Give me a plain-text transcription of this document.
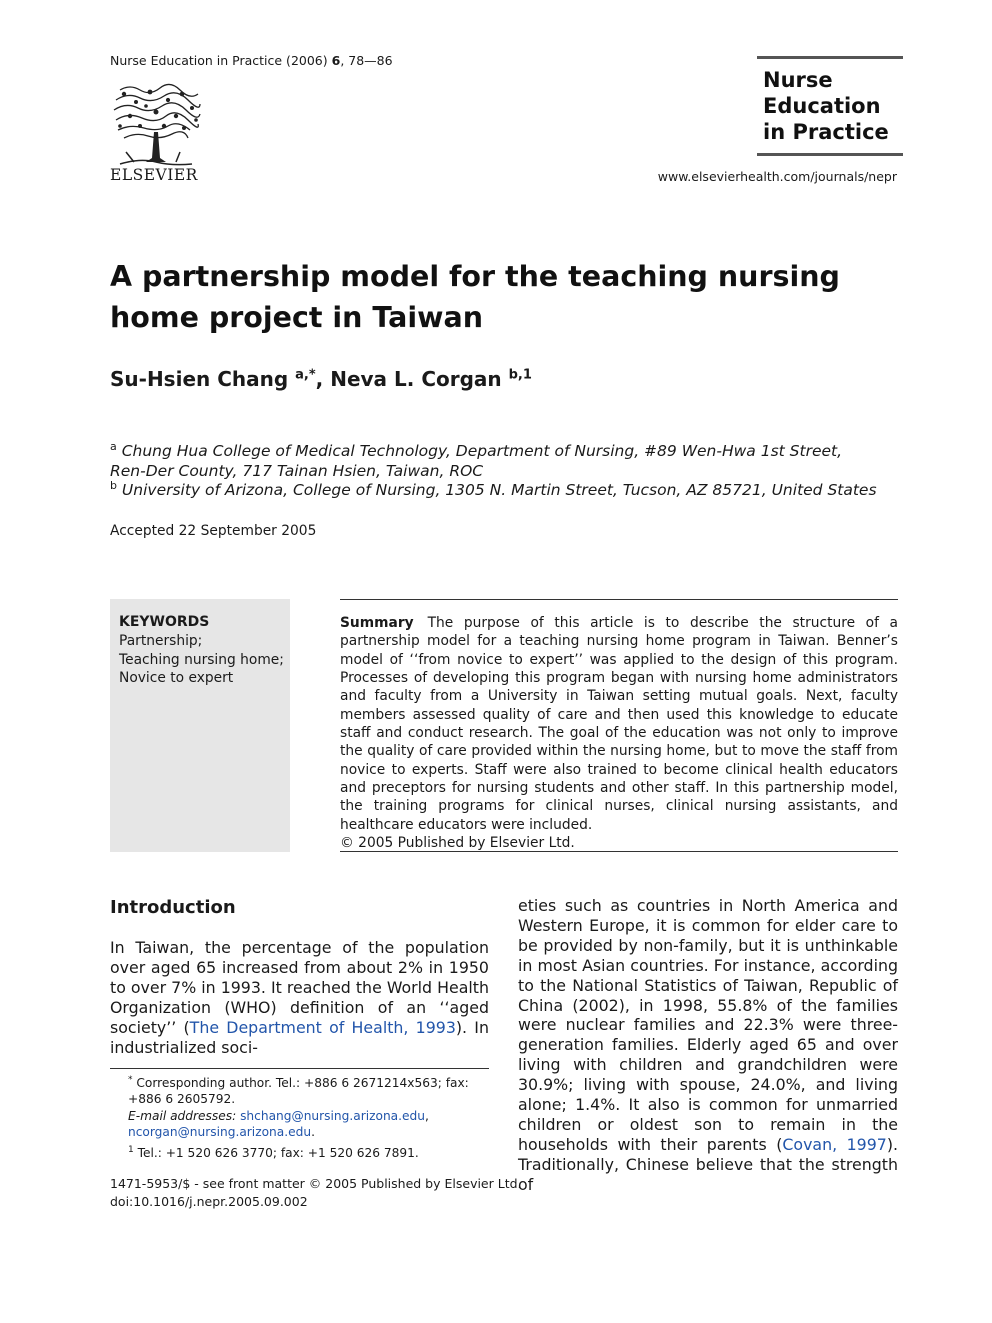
Nurse Education in Practice (2006) 6, 78—86
ELSEVIER
Nurse
Education
in Practice
www.elsevierhealth.com/journals/nepr
A partnership model for the teaching nursing home project in Taiwan
Su-Hsien Chang $^{a,*}$, Neva L. Corgan $^{b,1}$
$^a$ Chung Hua College of Medical Technology, Department of Nursing, #89 Wen-Hwa 1st Street,
Ren-Der County, 717 Tainan Hsien, Taiwan, ROC
$^b$ University of Arizona, College of Nursing, 1305 N. Martin Street, Tucson, AZ 85721, United States
Accepted 22 September 2005
KEYWORDS
Partnership;
Teaching nursing home;
Novice to expert
Summary The purpose of this article is to describe the structure of a partnership model for a teaching nursing home program in Taiwan. Benner’s model of ‘‘from novice to expert’’ was applied to the design of this program. Processes of developing this program began with nursing home administrators and faculty from a University in Taiwan setting mutual goals. Next, faculty members assessed quality of care and then used this knowledge to educate staff and conduct research. The goal of the education was not only to improve the quality of care provided within the nursing home, but to move the staff from novice to experts. Staff were also trained to become clinical health educators and preceptors for nursing students and other staff. In this partnership model, the training programs for clinical nurses, clinical nursing assistants, and healthcare educators were included.
© 2005 Published by Elsevier Ltd.
Introduction
In Taiwan, the percentage of the population over aged 65 increased from about 2% in 1950 to over 7% in 1993. It reached the World Health Organization (WHO) definition of an ‘‘aged society’’ (The Department of Health, 1993). In industrialized soci-
eties such as countries in North America and Western Europe, it is common for elder care to be provided by non-family, but it is unthinkable in most Asian countries. For instance, according to the National Statistics of Taiwan, Republic of China (2002), in 1998, 55.8% of the families were nuclear families and 22.3% were three-generation families. Elderly aged 65 and over living with children and grandchildren were 30.9%; living with spouse, 24.0%, and living alone; 1.4%. It also is common for unmarried children or oldest son to remain in the households with their parents (Covan, 1997). Traditionally, Chinese believe that the strength of

* Corresponding author. Tel.: +886 6 2671214x563; fax: +886 6 2605792.

E-mail addresses: shchang@nursing.arizona.edu, ncorgan@nursing.arizona.edu.

$^1$ Tel.: +1 520 626 3770; fax: +1 520 626 7891.

1471-5953/$ - see front matter © 2005 Published by Elsevier Ltd.
doi:10.1016/j.nepr.2005.09.002
